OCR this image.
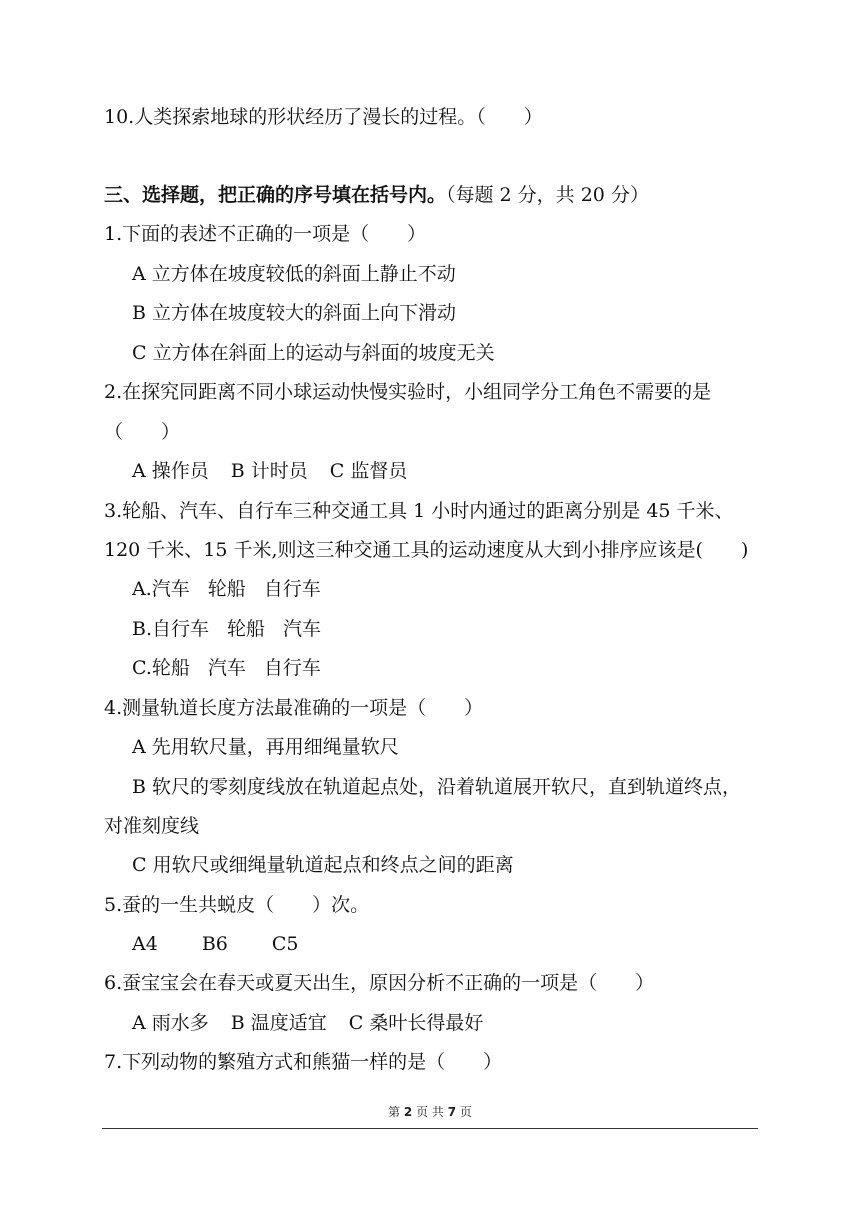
10.人类探索地球的形状经历了漫长的过程。（　　）
三、选择题，把正确的序号填在括号内。（每题 2 分，共 20 分）
1.下面的表述不正确的一项是（　　）
A 立方体在坡度较低的斜面上静止不动
B 立方体在坡度较大的斜面上向下滑动
C 立方体在斜面上的运动与斜面的坡度无关
2.在探究同距离不同小球运动快慢实验时，小组同学分工角色不需要的是
（　　）
A 操作员 B 计时员 C 监督员
3.轮船、汽车、自行车三种交通工具 1 小时内通过的距离分别是 45 千米、
120 千米、15 千米,则这三种交通工具的运动速度从大到小排序应该是(　　)
A.汽车 轮船 自行车
B.自行车 轮船 汽车
C.轮船 汽车 自行车
4.测量轨道长度方法最准确的一项是（　　）
A 先用软尺量，再用细绳量软尺
B 软尺的零刻度线放在轨道起点处，沿着轨道展开软尺，直到轨道终点，
对准刻度线
C 用软尺或细绳量轨道起点和终点之间的距离
5.蚕的一生共蜕皮（　　）次。
A4 B6 C5
6.蚕宝宝会在春天或夏天出生，原因分析不正确的一项是（　　）
A 雨水多 B 温度适宜 C 桑叶长得最好
7.下列动物的繁殖方式和熊猫一样的是（　　）
第 2 页 共 7 页
